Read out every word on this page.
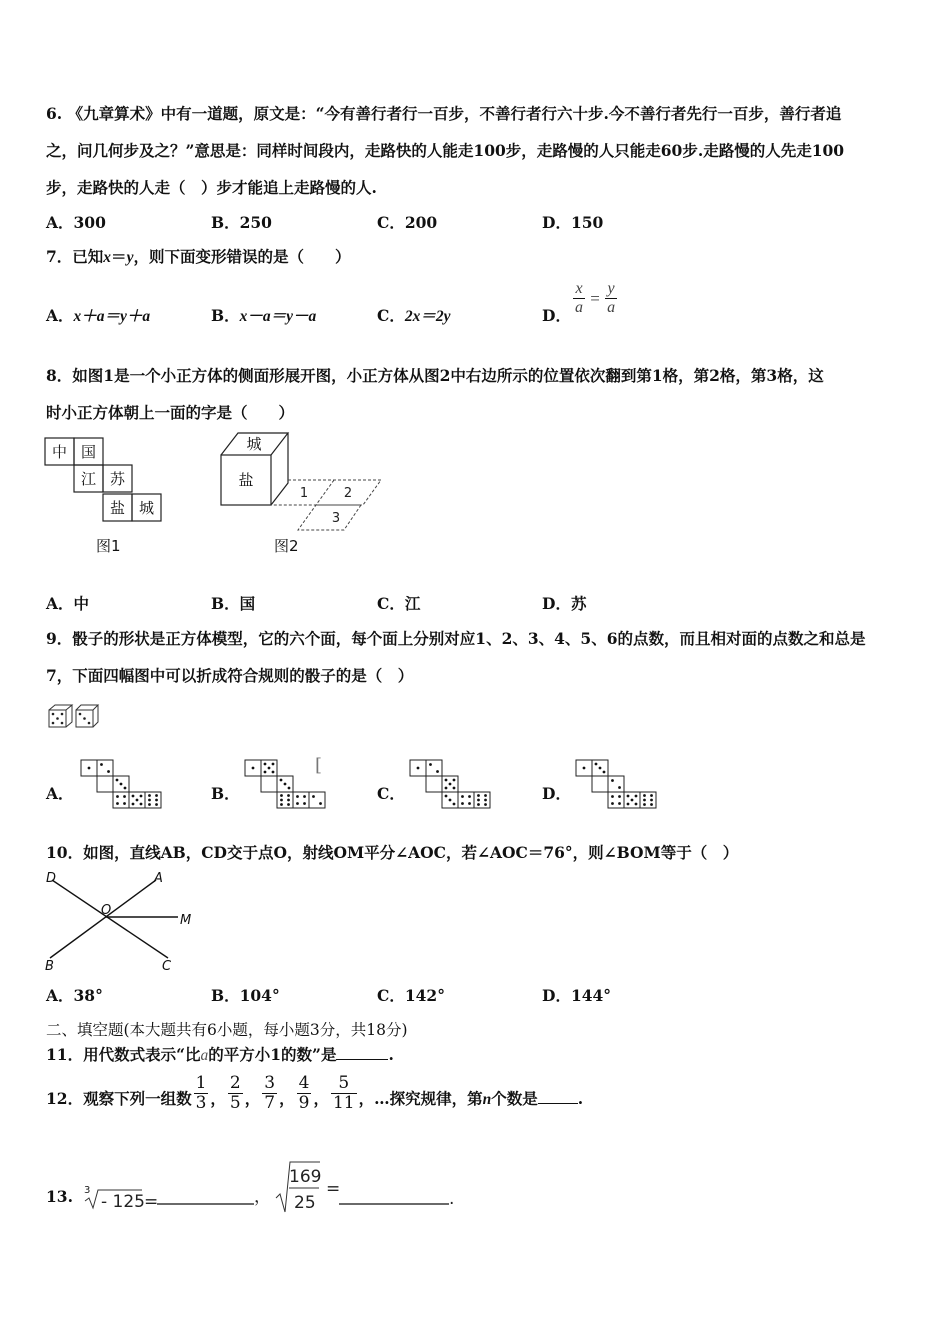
6. 《九章算术》中有一道题，原文是：“今有善行者行一百步，不善行者行六十步.今不善行者先行一百步，善行者追
之，问几何步及之？”意思是：同样时间段内，走路快的人能走100步，走路慢的人只能走60步.走路慢的人先走100
步，走路快的人走（　）步才能追上走路慢的人.
A．300	B．250	C．200	D．150
7．已知x＝y，则下面变形错误的是（　　）
A．x＋a＝y＋a	B．x－a＝y－a	C．2x＝2y	D． $\frac{x}{a} = \frac{y}{a}$
8．如图1是一个小正方体的侧面形展开图，小正方体从图2中右边所示的位置依次翻到第1格，第2格，第3格，这
时小正方体朝上一面的字是（　　）
中 国
江 苏
盐 城
图1
城
盐
1	2
3
图2
A．中	B．国	C．江	D．苏
9．骰子的形状是正方体模型，它的六个面，每个面上分别对应1、2、3、4、5、6的点数，而且相对面的点数之和总是
7，下面四幅图中可以折成符合规则的骰子的是（　）
A．	B．	C．	D．
[
10．如图，直线AB，CD交于点O，射线OM平分∠AOC，若∠AOC＝76°，则∠BOM等于（　）
D	A
O
M
B	C
A．38°	B．104°	C．142°	D．144°
二、填空题(本大题共有6小题，每小题3分，共18分)
11．用代数式表示“比a的平方小1的数”是	.
12．观察下列一组数 $\frac{1}{3}$ ， $\frac{2}{5}$ ， $\frac{3}{7}$ ， $\frac{4}{9}$ ， $\frac{5}{11}$ ，…探究规律，第n个数是	.
13. 3
- 125 =	，
169
25
=	.
